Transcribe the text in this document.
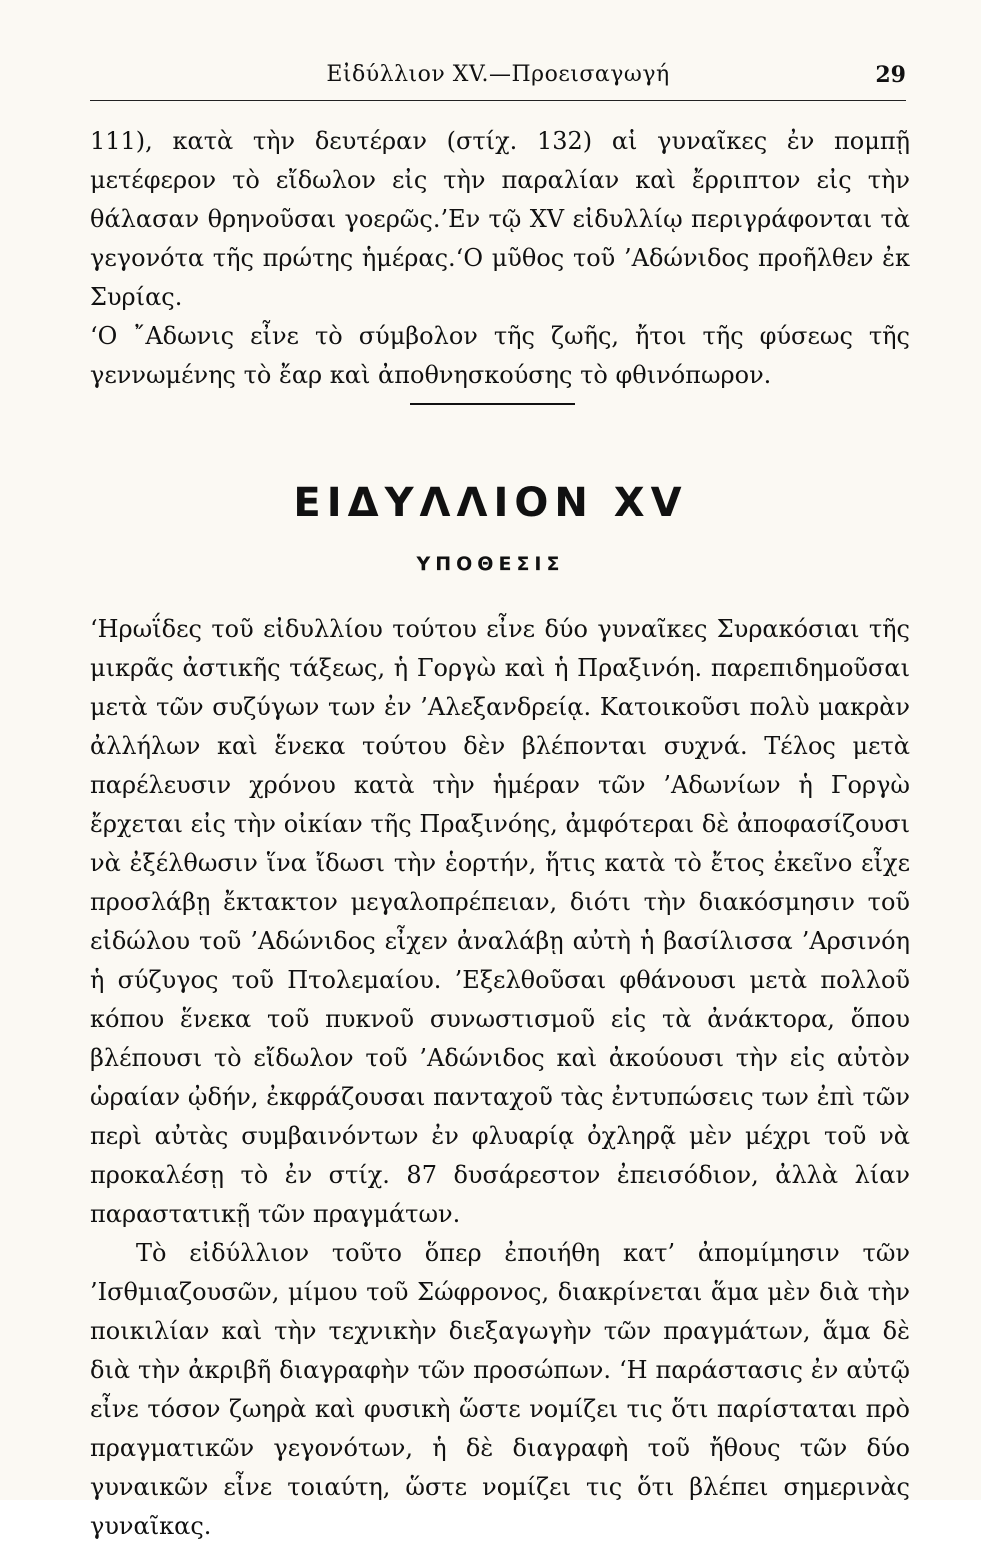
Εἰδύλλιον XV.—Προεισαγωγή	29

111), κατὰ τὴν δευτέραν (στίχ. 132) αἱ γυναῖκες ἐν πομπῇ μετέφερον τὸ εἴδωλον εἰς τὴν παραλίαν καὶ ἔρριπτον εἰς τὴν θάλασαν θρηνοῦσαι γοερῶς.’Εν τῷ XV εἰδυλλίῳ περιγράφονται τὰ γεγονότα τῆς πρώτης ἡμέρας.‘Ο μῦθος τοῦ ’Αδώνιδος προῆλθεν ἐκ Συρίας.

‘Ο ῎Αδωνις εἶνε τὸ σύμβολον τῆς ζωῆς, ἤτοι τῆς φύσεως τῆς γεννωμένης τὸ ἔαρ καὶ ἀποθνησκούσης τὸ φθινόπωρον.

ΕΙΔΥΛΛΙΟΝ XV
ΥΠΟΘΕΣΙΣ

‘Ηρωΐδες τοῦ εἰδυλλίου τούτου εἶνε δύο γυναῖκες Συρακόσιαι τῆς μικρᾶς ἀστικῆς τάξεως, ἡ Γοργὼ καὶ ἡ Πραξινόη. παρεπιδημοῦσαι μετὰ τῶν συζύγων των ἐν ’Αλεξανδρείᾳ. Κατοικοῦσι πολὺ μακρὰν ἀλλήλων καὶ ἕνεκα τούτου δὲν βλέπονται συχνά. Τέλος μετὰ παρέλευσιν χρόνου κατὰ τὴν ἡμέραν τῶν ’Αδωνίων ἡ Γοργὼ ἔρχεται εἰς τὴν οἰκίαν τῆς Πραξινόης, ἀμφότεραι δὲ ἀποφασίζουσι νὰ ἐξέλθωσιν ἵνα ἴδωσι τὴν ἑορτήν, ἥτις κατὰ τὸ ἔτος ἐκεῖνο εἶχε προσλάβῃ ἔκτακτον μεγαλοπρέπειαν, διότι τὴν διακόσμησιν τοῦ εἰδώλου τοῦ ’Αδώνιδος εἶχεν ἀναλάβῃ αὐτὴ ἡ βασίλισσα ’Αρσινόη ἡ σύζυγος τοῦ Πτολεμαίου. ’Εξελθοῦσαι φθάνουσι μετὰ πολλοῦ κόπου ἕνεκα τοῦ πυκνοῦ συνωστισμοῦ εἰς τὰ ἀνάκτορα, ὅπου βλέπουσι τὸ εἴδωλον τοῦ ’Αδώνιδος καὶ ἀκούουσι τὴν εἰς αὐτὸν ὡραίαν ᾠδήν, ἐκφράζουσαι πανταχοῦ τὰς ἐντυπώσεις των ἐπὶ τῶν περὶ αὐτὰς συμβαινόντων ἐν φλυαρίᾳ ὀχληρᾷ μὲν μέχρι τοῦ νὰ προκαλέσῃ τὸ ἐν στίχ. 87 δυσάρεστον ἐπεισόδιον, ἀλλὰ λίαν παραστατικῇ τῶν πραγμάτων.

Τὸ εἰδύλλιον τοῦτο ὅπερ ἐποιήθη κατ’ ἀπομίμησιν τῶν ’Ισθμιαζουσῶν, μίμου τοῦ Σώφρονος, διακρίνεται ἅμα μὲν διὰ τὴν ποικιλίαν καὶ τὴν τεχνικὴν διεξαγωγὴν τῶν πραγμάτων, ἅμα δὲ διὰ τὴν ἀκριβῆ διαγραφὴν τῶν προσώπων. ‘Η παράστασις ἐν αὐτῷ εἶνε τόσον ζωηρὰ καὶ φυσικὴ ὥστε νομίζει τις ὅτι παρίσταται πρὸ πραγματικῶν γεγονότων, ἡ δὲ διαγραφὴ τοῦ ἤθους τῶν δύο γυναικῶν εἶνε τοιαύτη, ὥστε νομίζει τις ὅτι βλέπει σημερινὰς γυναῖκας.
